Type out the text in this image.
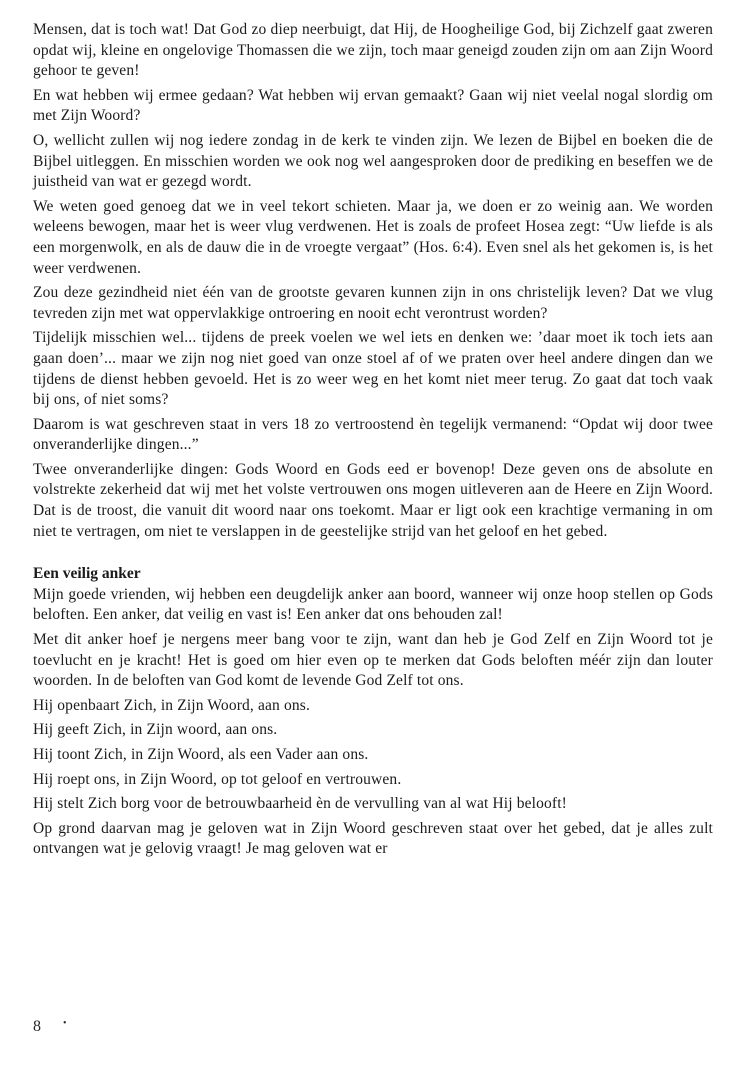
Mensen, dat is toch wat! Dat God zo diep neerbuigt, dat Hij, de Hoogheilige God, bij Zichzelf gaat zweren opdat wij, kleine en ongelovige Thomassen die we zijn, toch maar geneigd zouden zijn om aan Zijn Woord gehoor te geven!

En wat hebben wij ermee gedaan? Wat hebben wij ervan gemaakt? Gaan wij niet veelal nogal slordig om met Zijn Woord?

O, wellicht zullen wij nog iedere zondag in de kerk te vinden zijn. We lezen de Bijbel en boeken die de Bijbel uitleggen. En misschien worden we ook nog wel aangesproken door de prediking en beseffen we de juistheid van wat er gezegd wordt.

We weten goed genoeg dat we in veel tekort schieten. Maar ja, we doen er zo weinig aan. We worden weleens bewogen, maar het is weer vlug verdwenen. Het is zoals de profeet Hosea zegt: “Uw liefde is als een morgenwolk, en als de dauw die in de vroegte vergaat” (Hos. 6:4). Even snel als het gekomen is, is het weer verdwenen.

Zou deze gezindheid niet één van de grootste gevaren kunnen zijn in ons christelijk leven? Dat we vlug tevreden zijn met wat oppervlakkige ontroering en nooit echt verontrust worden?

Tijdelijk misschien wel... tijdens de preek voelen we wel iets en denken we: ’daar moet ik toch iets aan gaan doen’... maar we zijn nog niet goed van onze stoel af of we praten over heel andere dingen dan we tijdens de dienst hebben gevoeld. Het is zo weer weg en het komt niet meer terug. Zo gaat dat toch vaak bij ons, of niet soms?

Daarom is wat geschreven staat in vers 18 zo vertroostend èn tegelijk vermanend: “Opdat wij door twee onveranderlijke dingen...”

Twee onveranderlijke dingen: Gods Woord en Gods eed er bovenop! Deze geven ons de absolute en volstrekte zekerheid dat wij met het volste vertrouwen ons mogen uitleveren aan de Heere en Zijn Woord. Dat is de troost, die vanuit dit woord naar ons toekomt. Maar er ligt ook een krachtige vermaning in om niet te vertragen, om niet te verslappen in de geestelijke strijd van het geloof en het gebed.

Een veilig anker

Mijn goede vrienden, wij hebben een deugdelijk anker aan boord, wanneer wij onze hoop stellen op Gods beloften. Een anker, dat veilig en vast is! Een anker dat ons behouden zal!

Met dit anker hoef je nergens meer bang voor te zijn, want dan heb je God Zelf en Zijn Woord tot je toevlucht en je kracht! Het is goed om hier even op te merken dat Gods beloften méér zijn dan louter woorden. In de beloften van God komt de levende God Zelf tot ons.

Hij openbaart Zich, in Zijn Woord, aan ons.

Hij geeft Zich, in Zijn woord, aan ons.

Hij toont Zich, in Zijn Woord, als een Vader aan ons.

Hij roept ons, in Zijn Woord, op tot geloof en vertrouwen.

Hij stelt Zich borg voor de betrouwbaarheid èn de vervulling van al wat Hij belooft!

Op grond daarvan mag je geloven wat in Zijn Woord geschreven staat over het gebed, dat je alles zult ontvangen wat je gelovig vraagt! Je mag geloven wat er

8 •
